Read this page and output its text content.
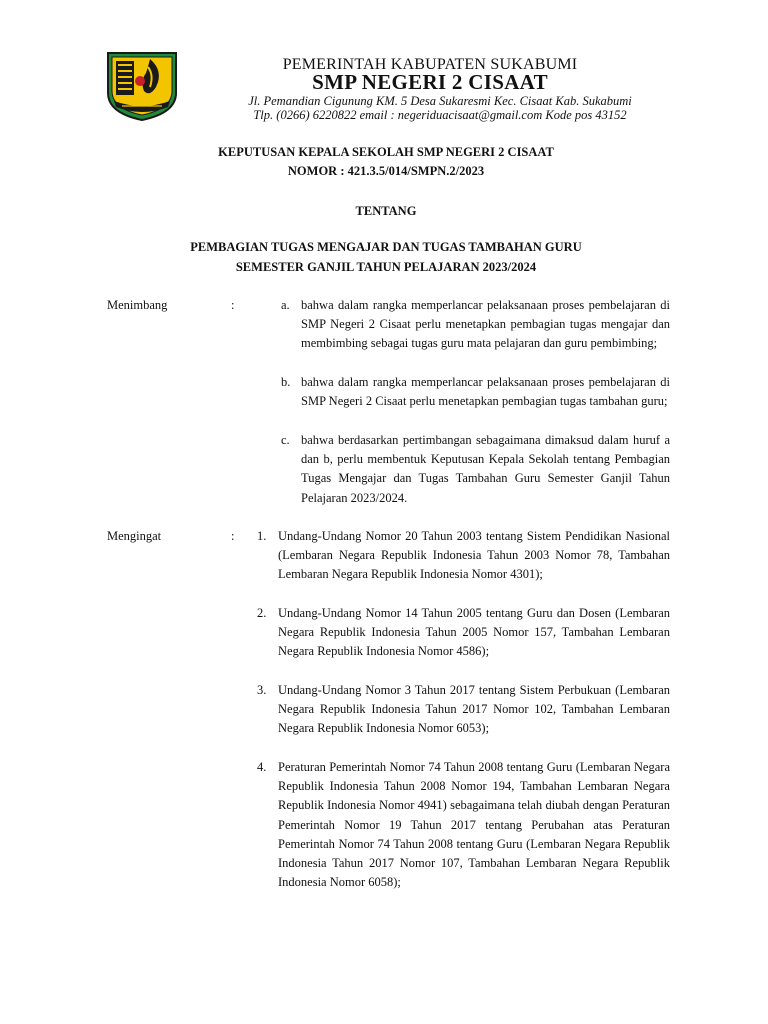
PEMERINTAH KABUPATEN SUKABUMI
SMP NEGERI 2 CISAAT
Jl. Pemandian Cigunung KM. 5 Desa Sukaresmi Kec. Cisaat Kab. Sukabumi
Tlp. (0266) 6220822 email : negeriduacisaat@gmail.com Kode pos 43152
KEPUTUSAN KEPALA SEKOLAH SMP NEGERI 2 CISAAT
NOMOR : 421.3.5/014/SMPN.2/2023
TENTANG
PEMBAGIAN TUGAS MENGAJAR DAN TUGAS TAMBAHAN GURU
SEMESTER GANJIL TAHUN PELAJARAN 2023/2024
Menimbang	:	a. bahwa dalam rangka memperlancar pelaksanaan proses pembelajaran di SMP Negeri 2 Cisaat perlu menetapkan pembagian tugas mengajar dan membimbing sebagai tugas guru mata pelajaran dan guru pembimbing;
b. bahwa dalam rangka memperlancar pelaksanaan proses pembelajaran di SMP Negeri 2 Cisaat perlu menetapkan pembagian tugas tambahan guru;
c. bahwa berdasarkan pertimbangan sebagaimana dimaksud dalam huruf a dan b, perlu membentuk Keputusan Kepala Sekolah tentang Pembagian Tugas Mengajar dan Tugas Tambahan Guru Semester Ganjil Tahun Pelajaran 2023/2024.
Mengingat	: 1. Undang-Undang Nomor 20 Tahun 2003 tentang Sistem Pendidikan Nasional (Lembaran Negara Republik Indonesia Tahun 2003 Nomor 78, Tambahan Lembaran Negara Republik Indonesia Nomor 4301);
2. Undang-Undang Nomor 14 Tahun 2005 tentang Guru dan Dosen (Lembaran Negara Republik Indonesia Tahun 2005 Nomor 157, Tambahan Lembaran Negara Republik Indonesia Nomor 4586);
3. Undang-Undang Nomor 3 Tahun 2017 tentang Sistem Perbukuan (Lembaran Negara Republik Indonesia Tahun 2017 Nomor 102, Tambahan Lembaran Negara Republik Indonesia Nomor 6053);
4. Peraturan Pemerintah Nomor 74 Tahun 2008 tentang Guru (Lembaran Negara Republik Indonesia Tahun 2008 Nomor 194, Tambahan Lembaran Negara Republik Indonesia Nomor 4941) sebagaimana telah diubah dengan Peraturan Pemerintah Nomor 19 Tahun 2017 tentang Perubahan atas Peraturan Pemerintah Nomor 74 Tahun 2008 tentang Guru (Lembaran Negara Republik Indonesia Tahun 2017 Nomor 107, Tambahan Lembaran Negara Republik Indonesia Nomor 6058);
